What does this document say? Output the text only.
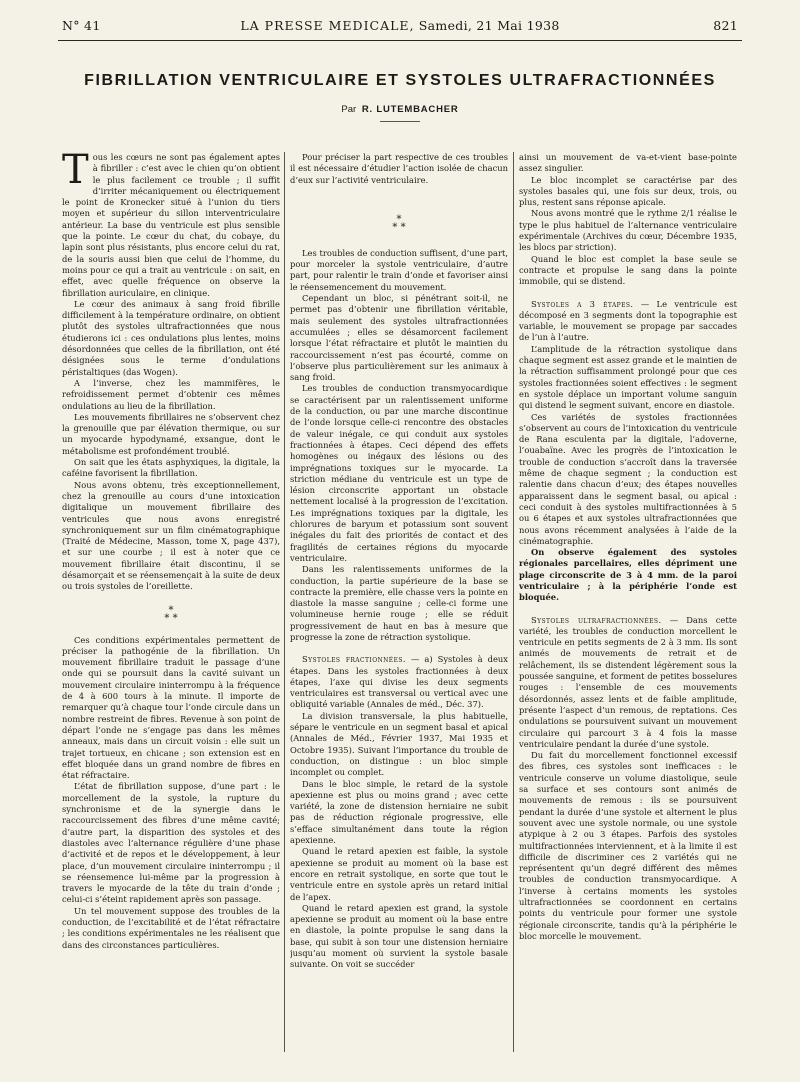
N° 41	LA PRESSE MEDICALE, Samedi, 21 Mai 1938	821
FIBRILLATION VENTRICULAIRE ET SYSTOLES ULTRAFRACTIONNÉES
Par R. LUTEMBACHER

Tous les cœurs ne sont pas également aptes à fibriller : c’est avec le chien qu’on obtient le plus facilement ce trouble ; il suffit d’irriter mécaniquement ou électriquement le point de Kronecker situé à l’union du tiers moyen et supérieur du sillon interventriculaire antérieur. La base du ventricule est plus sensible que la pointe. Le cœur du chat, du cobaye, du lapin sont plus résistants, plus encore celui du rat, de la souris aussi bien que celui de l’homme, du moins pour ce qui a trait au ventricule : on sait, en effet, avec quelle fréquence on observe la fibrillation auriculaire, en clinique.

Le cœur des animaux à sang froid fibrille difficilement à la température ordinaire, on obtient plutôt des systoles ultrafractionnées que nous étudierons ici : ces ondulations plus lentes, moins désordonnées que celles de la fibrillation, ont été désignées sous le terme d’ondulations péristaltiques (das Wogen).

A l’inverse, chez les mammifères, le refroidissement permet d’obtenir ces mêmes ondulations au lieu de la fibrillation.

Les mouvements fibrillaires ne s’observent chez la grenouille que par élévation thermique, ou sur un myocarde hypodynamé, exsangue, dont le métabolisme est profondément troublé.

On sait que les états asphyxiques, la digitale, la caféine favorisent la fibrillation.

Nous avons obtenu, très exceptionnellement, chez la grenouille au cours d’une intoxication digitalique un mouvement fibrillaire des ventricules que nous avons enregistré synchroniquement sur un film cinématographique (Traité de Médecine, Masson, tome X, page 437), et sur une courbe ; il est à noter que ce mouvement fibrillaire était discontinu, il se désamorçait et se réensemençait à la suite de deux ou trois systoles de l’oreillette.

*
* *

Ces conditions expérimentales permettent de préciser la pathogénie de la fibrillation. Un mouvement fibrillaire traduit le passage d’une onde qui se poursuit dans la cavité suivant un mouvement circulaire ininterrompu à la fréquence de 4 à 600 tours à la minute. Il importe de remarquer qu’à chaque tour l’onde circule dans un nombre restreint de fibres. Revenue à son point de départ l’onde ne s’engage pas dans les mêmes anneaux, mais dans un circuit voisin : elle suit un trajet tortueux, en chicane ; son extension est en effet bloquée dans un grand nombre de fibres en état réfractaire.

L’état de fibrillation suppose, d’une part : le morcellement de la systole, la rupture du synchronisme et de la synergie dans le raccourcissement des fibres d’une même cavité; d’autre part, la disparition des systoles et des diastoles avec l’alternance régulière d’une phase d’activité et de repos et le développement, à leur place, d’un mouvement circulaire ininterrompu ; il se réensemence lui-même par la progression à travers le myocarde de la tête du train d’onde ; celui-ci s’éteint rapidement après son passage.

Un tel mouvement suppose des troubles de la conduction, de l’excitabilité et de l’état réfractaire ; les conditions expérimentales ne les réalisent que dans des circonstances particulières.

Pour préciser la part respective de ces troubles il est nécessaire d’étudier l’action isolée de chacun d’eux sur l’activité ventriculaire.

*
* *

Les troubles de conduction suffisent, d’une part, pour morceler la systole ventriculaire, d’autre part, pour ralentir le train d’onde et favoriser ainsi le réensemencement du mouvement.

Cependant un bloc, si pénétrant soit-il, ne permet pas d’obtenir une fibrillation véritable, mais seulement des systoles ultrafractionnées accumulées ; elles se désamorcent facilement lorsque l’état réfractaire et plutôt le maintien du raccourcissement n’est pas écourté, comme on l’observe plus particulièrement sur les animaux à sang froid.

Les troubles de conduction transmyocardique se caractérisent par un ralentissement uniforme de la conduction, ou par une marche discontinue de l’onde lorsque celle-ci rencontre des obstacles de valeur inégale, ce qui conduit aux systoles fractionnées à étapes. Ceci dépend des effets homogènes ou inégaux des lésions ou des imprégnations toxiques sur le myocarde. La striction médiane du ventricule est un type de lésion circonscrite apportant un obstacle nettement localisé à la progression de l’excitation. Les imprégnations toxiques par la digitale, les chlorures de baryum et potassium sont souvent inégales du fait des priorités de contact et des fragilités de certaines régions du myocarde ventriculaire.

Dans les ralentissements uniformes de la conduction, la partie supérieure de la base se contracte la première, elle chasse vers la pointe en diastole la masse sanguine ; celle-ci forme une volumineuse hernie rouge ; elle se réduit progressivement de haut en bas à mesure que progresse la zone de rétraction systolique.

Systoles fractionnées. — a) Systoles à deux étapes. Dans les systoles fractionnées à deux étapes, l’axe qui divise les deux segments ventriculaires est transversal ou vertical avec une obliquité variable (Annales de méd., Déc. 37).

La division transversale, la plus habituelle, sépare le ventricule en un segment basal et apical (Annales de Méd., Février 1937, Mai 1935 et Octobre 1935). Suivant l’importance du trouble de conduction, on distingue : un bloc simple incomplet ou complet.

Dans le bloc simple, le retard de la systole apexienne est plus ou moins grand ; avec cette variété, la zone de distension herniaire ne subit pas de réduction régionale progressive, elle s’efface simultanément dans toute la région apexienne.

Quand le retard apexien est faible, la systole apexienne se produit au moment où la base est encore en retrait systolique, en sorte que tout le ventricule entre en systole après un retard initial de l’apex.

Quand le retard apexien est grand, la systole apexienne se produit au moment où la base entre en diastole, la pointe propulse le sang dans la base, qui subit à son tour une distension herniaire jusqu’au moment où survient la systole basale suivante. On voit se succéder

ainsi un mouvement de va-et-vient base-pointe assez singulier.

Le bloc incomplet se caractérise par des systoles basales qui, une fois sur deux, trois, ou plus, restent sans réponse apicale.

Nous avons montré que le rythme 2/1 réalise le type le plus habituel de l’alternance ventriculaire expérimentale (Archives du cœur, Décembre 1935, les blocs par striction).

Quand le bloc est complet la base seule se contracte et propulse le sang dans la pointe immobile, qui se distend.

Systoles a 3 étapes. — Le ventricule est décomposé en 3 segments dont la topographie est variable, le mouvement se propage par saccades de l’un à l’autre.

L’amplitude de la rétraction systolique dans chaque segment est assez grande et le maintien de la rétraction suffisamment prolongé pour que ces systoles fractionnées soient effectives : le segment en systole déplace un important volume sanguin qui distend le segment suivant, encore en diastole.

Ces variétés de systoles fractionnées s’observent au cours de l’intoxication du ventricule de Rana esculenta par la digitale, l’adoverne, l’ouabaïne. Avec les progrès de l’intoxication le trouble de conduction s’accroît dans la traversée même de chaque segment ; la conduction est ralentie dans chacun d’eux; des étapes nouvelles apparaissent dans le segment basal, ou apical : ceci conduit à des systoles multifractionnées à 5 ou 6 étapes et aux systoles ultrafractionnées que nous avons récemment analysées à l’aide de la cinématographie.

On observe également des systoles régionales parcellaires, elles dépriment une plage circonscrite de 3 à 4 mm. de la paroi ventriculaire ; à la périphérie l’onde est bloquée.

Systoles ultrafractionnées. — Dans cette variété, les troubles de conduction morcellent le ventricule en petits segments de 2 à 3 mm. Ils sont animés de mouvements de retrait et de relâchement, ils se distendent légèrement sous la poussée sanguine, et forment de petites bosselures rouges : l’ensemble de ces mouvements désordonnés, assez lents et de faible amplitude, présente l’aspect d’un remous, de reptations. Ces ondulations se poursuivent suivant un mouvement circulaire qui parcourt 3 à 4 fois la masse ventriculaire pendant la durée d’une systole.

Du fait du morcellement fonctionnel excessif des fibres, ces systoles sont inefficaces : le ventricule conserve un volume diastolique, seule sa surface et ses contours sont animés de mouvements de remous : ils se poursuivent pendant la durée d’une systole et alternent le plus souvent avec une systole normale, ou une systole atypique à 2 ou 3 étapes. Parfois des systoles multifractionnées interviennent, et à la limite il est difficile de discriminer ces 2 variétés qui ne représentent qu’un degré différent des mêmes troubles de conduction transmyocardique. A l’inverse à certains moments les systoles ultrafractionnées se coordonnent en certains points du ventricule pour former une systole régionale circonscrite, tandis qu’à la périphérie le bloc morcelle le mouvement.
